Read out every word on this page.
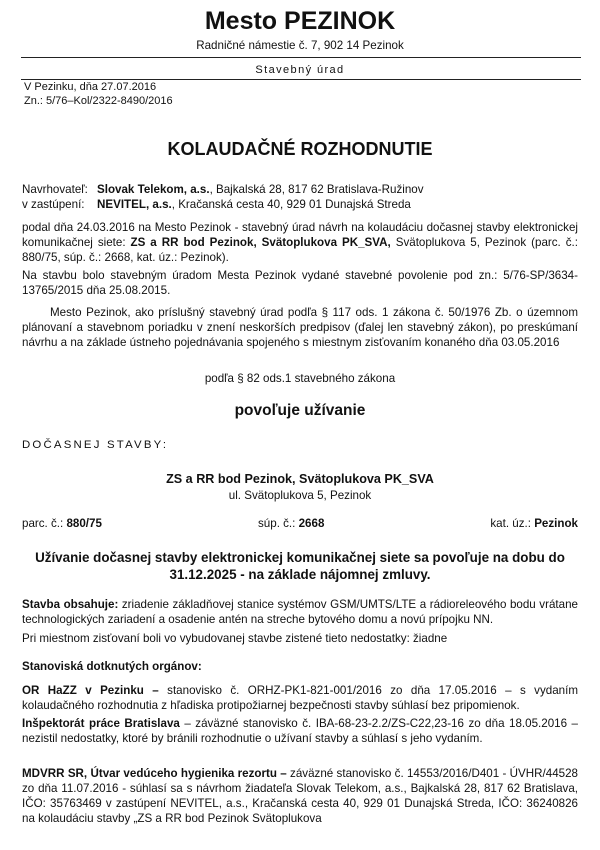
Mesto PEZINOK
Radničné námestie č. 7, 902 14 Pezinok
Stavebný úrad
V Pezinku, dňa 27.07.2016
Zn.: 5/76–Kol/2322-8490/2016
KOLAUDAČNÉ ROZHODNUTIE
Navrhovateľ: Slovak Telekom, a.s., Bajkalská 28, 817 62 Bratislava-Ružinov
v zastúpení: NEVITEL, a.s., Kračanská cesta 40, 929 01 Dunajská Streda
podal dňa 24.03.2016 na Mesto Pezinok - stavebný úrad návrh na kolaudáciu dočasnej stavby elektronickej komunikačnej siete: ZS a RR bod Pezinok, Svätoplukova PK_SVA, Svätoplukova 5, Pezinok (parc. č.: 880/75, súp. č.: 2668, kat. úz.: Pezinok).
Na stavbu bolo stavebným úradom Mesta Pezinok vydané stavebné povolenie pod zn.: 5/76-SP/3634-13765/2015 dňa 25.08.2015.
Mesto Pezinok, ako príslušný stavebný úrad podľa § 117 ods. 1 zákona č. 50/1976 Zb. o územnom plánovaní a stavebnom poriadku v znení neskorších predpisov (ďalej len stavebný zákon), po preskúmaní návrhu a na základe ústneho pojednávania spojeného s miestnym zisťovaním konaného dňa 03.05.2016
podľa § 82 ods.1 stavebného zákona
povoľuje užívanie
DOČASNEJ STAVBY:
ZS a RR bod Pezinok, Svätoplukova PK_SVA
ul. Svätoplukova 5, Pezinok
parc. č.: 880/75	súp. č.: 2668	kat. úz.: Pezinok
Užívanie dočasnej stavby elektronickej komunikačnej siete sa povoľuje na dobu do 31.12.2025 - na základe nájomnej zmluvy.
Stavba obsahuje: zriadenie základňovej stanice systémov GSM/UMTS/LTE a rádioreleového bodu vrátane technologických zariadení a osadenie antén na streche bytového domu a novú prípojku NN.
Pri miestnom zisťovaní boli vo vybudovanej stavbe zistené tieto nedostatky: žiadne
Stanoviská dotknutých orgánov:
OR HaZZ v Pezinku – stanovisko č. ORHZ-PK1-821-001/2016 zo dňa 17.05.2016 – s vydaním kolaudačného rozhodnutia z hľadiska protipožiarnej bezpečnosti stavby súhlasí bez pripomienok.
Inšpektorát práce Bratislava – záväzné stanovisko č. IBA-68-23-2.2/ZS-C22,23-16 zo dňa 18.05.2016 – nezistil nedostatky, ktoré by bránili rozhodnutie o užívaní stavby a súhlasí s jeho vydaním.
MDVRR SR, Útvar vedúceho hygienika rezortu – záväzné stanovisko č. 14553/2016/D401 - ÚVHR/44528 zo dňa 11.07.2016 - súhlasí sa s návrhom žiadateľa Slovak Telekom, a.s., Bajkalská 28, 817 62 Bratislava, IČO: 35763469 v zastúpení NEVITEL, a.s., Kračanská cesta 40, 929 01 Dunajská Streda, IČO: 36240826 na kolaudáciu stavby „ZS a RR bod Pezinok Svätoplukova
